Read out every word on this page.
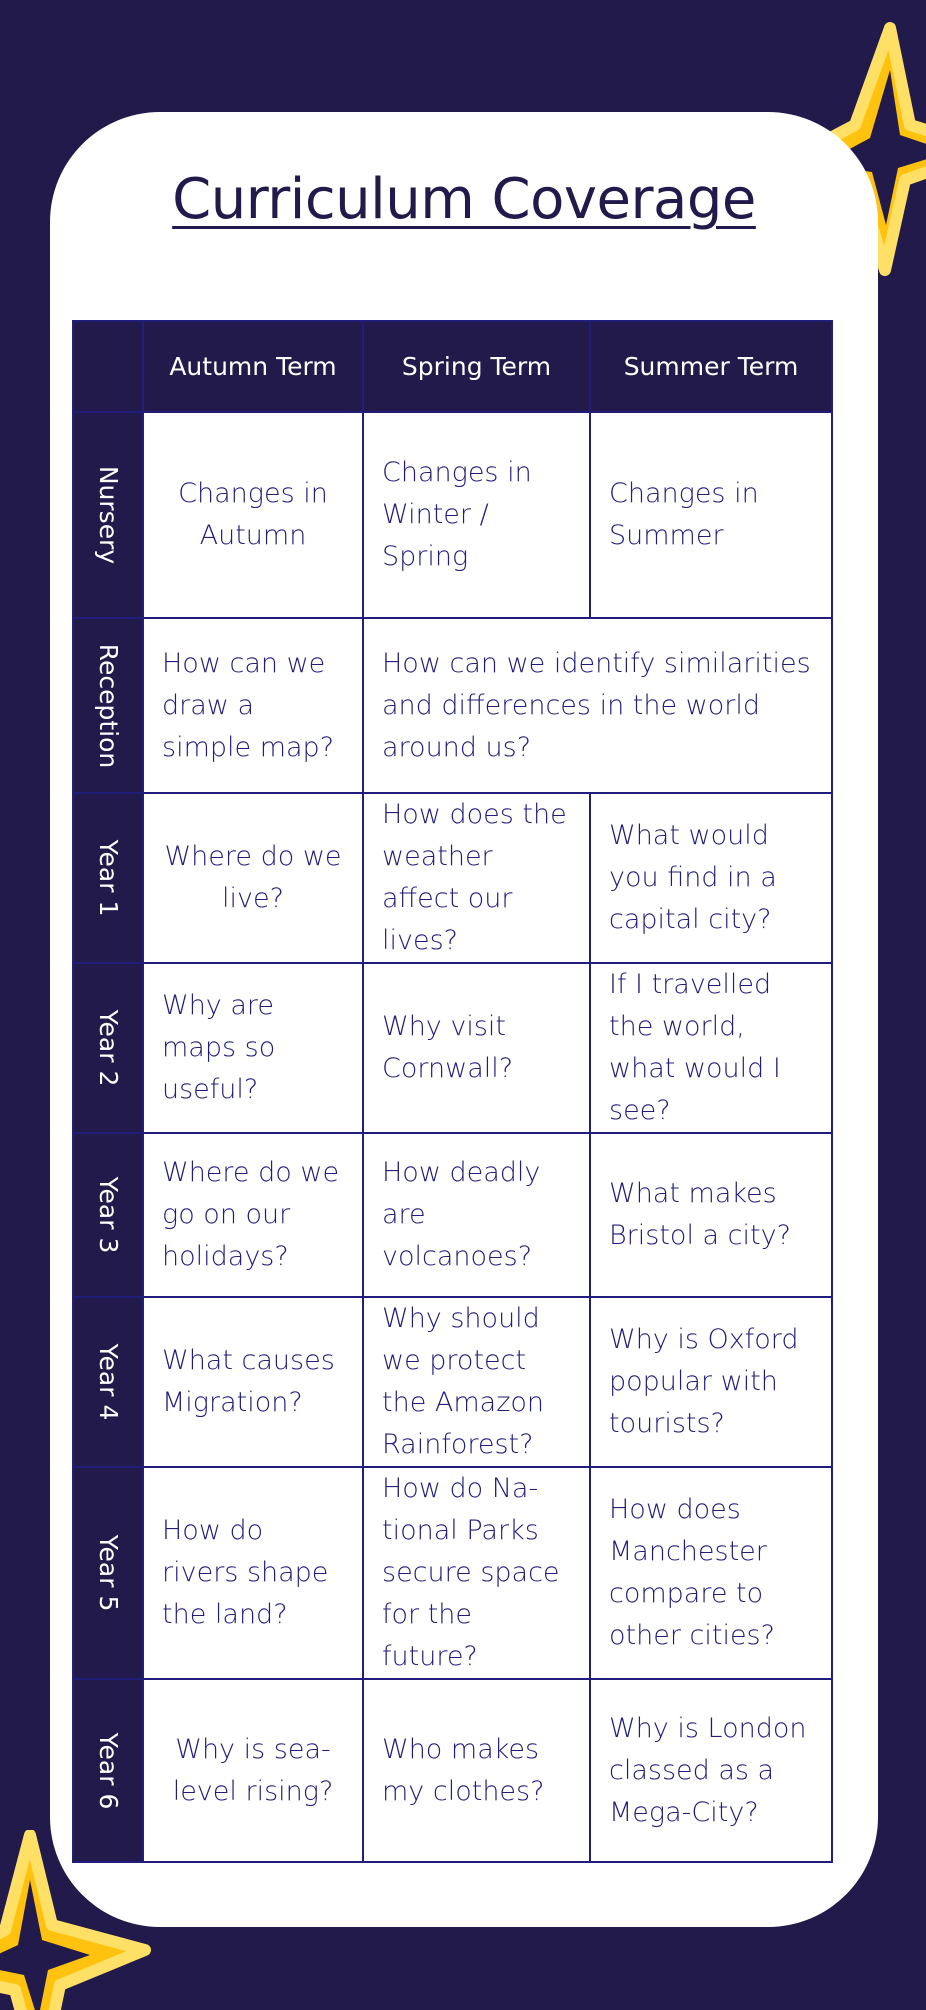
Curriculum Coverage
	Autumn Term	Spring Term	Summer Term

Nursery	Changes in Autumn	Changes in Winter / Spring	Changes in Summer

Reception	How can we draw a simple map?	How can we identify similarities and differences in the world around us?	

Year 1	Where do we live?	How does the weather affect our lives?	What would you find in a capital city?

Year 2	Why are maps so useful?	Why visit Cornwall?	If I travelled the world, what would I see?

Year 3	Where do we go on our holidays?	How deadly are volcanoes?	What makes Bristol a city?

Year 4	What causes Migration?	Why should we protect the Amazon Rainforest?	Why is Oxford popular with tourists?

Year 5	How do rivers shape the land?	How do Na-tional Parks secure space for the future?	How does Manchester compare to other cities?

Year 6	Why is sea-level rising?	Who makes my clothes?	Why is London classed as a Mega-City?
